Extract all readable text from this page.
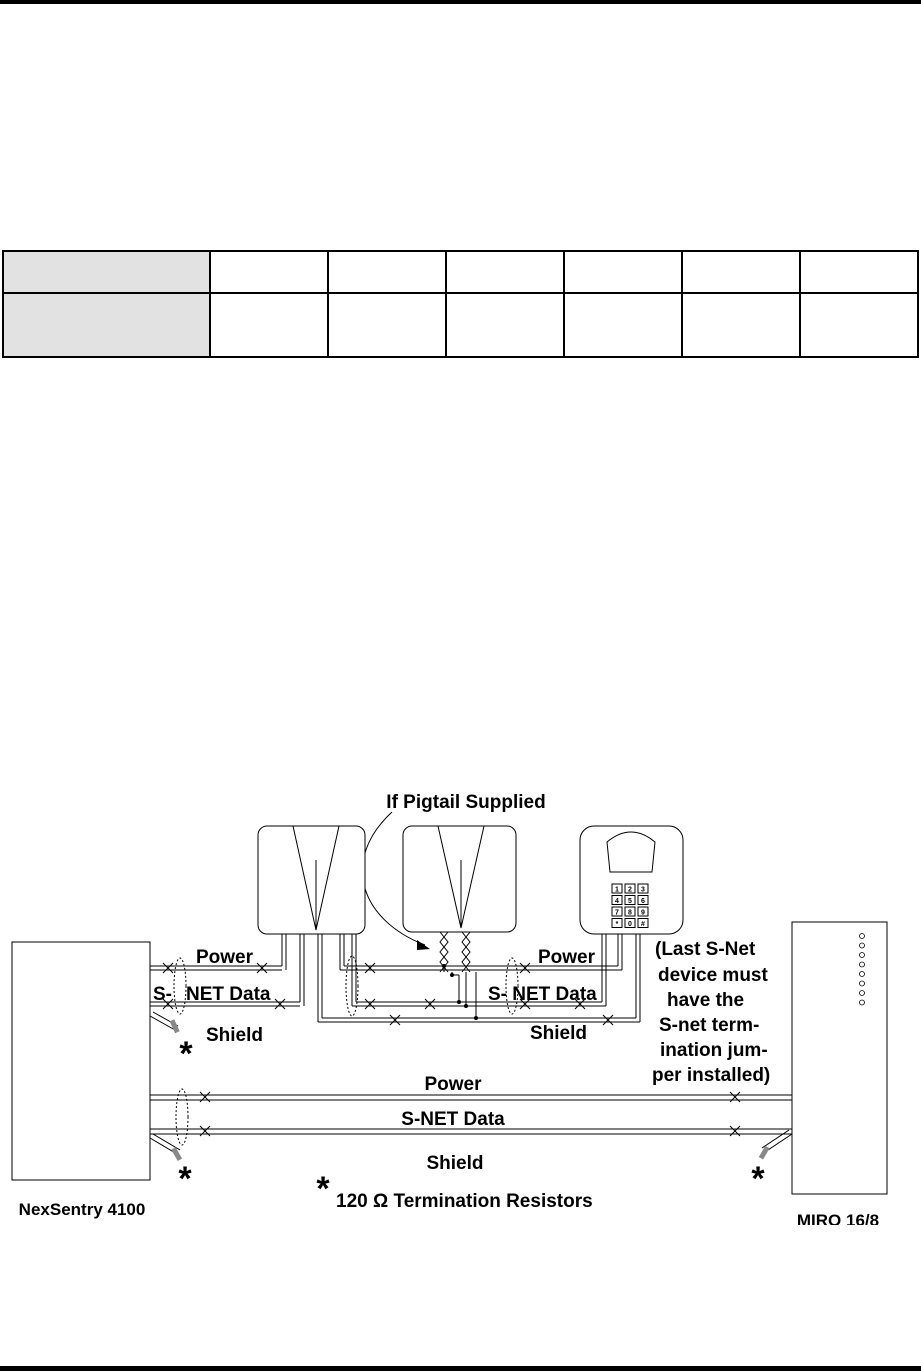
If Pigtail Supplied
1 2 3
4 5 6
7 8 9
* 0 #
NexSentry 4100
MIRO 16/8
Power	Power
S- NET Data	S- NET Data
Shield	Shield
*
(Last S-Net
device must
have the
S-net term-
ination jum-
per installed)
Power
S-NET Data
Shield
*	*
* 120 Ω Termination Resistors
